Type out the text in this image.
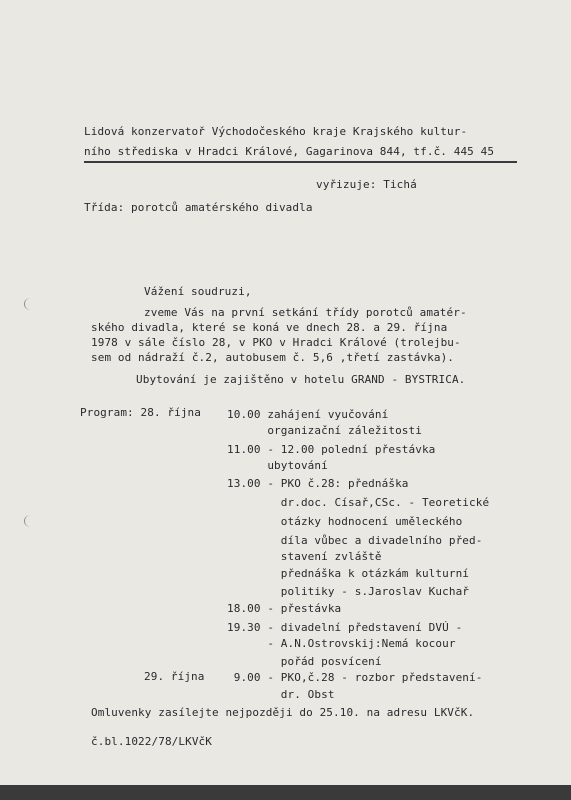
Lidová konzervatoř Východočeského kraje Krajského kultur-
ního střediska v Hradci Králové, Gagarinova 844, tf.č. 445 45
vyřizuje: Tichá
Třída: porotců amatérského divadla
Vážení soudruzi,
zveme Vás na první setkání třídy porotců amatér-
ského divadla, které se koná ve dnech 28. a 29. října
1978 v sále číslo 28, v PKO v Hradci Králové (trolejbu-
sem od nádraží č.2, autobusem č. 5,6 ,třetí zastávka).
Ubytování je zajištěno v hotelu GRAND - BYSTRICA.
Program: 28. října 10.00 zahájení vyučování
organizační záležitosti
11.00 - 12.00 polední přestávka
ubytování
13.00 - PKO č.28: přednáška
dr.doc. Císař,CSc. - Teoretické
otázky hodnocení uměleckého
díla vůbec a divadelního před-
stavení zvláště
přednáška k otázkám kulturní
politiky - s.Jaroslav Kuchař
18.00 - přestávka
19.30 - divadelní představení DVÚ -
- A.N.Ostrovskij:Nemá kocour
pořád posvícení
29. října 9.00 - PKO,č.28 - rozbor představení-
dr. Obst
Omluvenky zasílejte nejpozději do 25.10. na adresu LKVčK.
č.bl.1022/78/LKVčK
